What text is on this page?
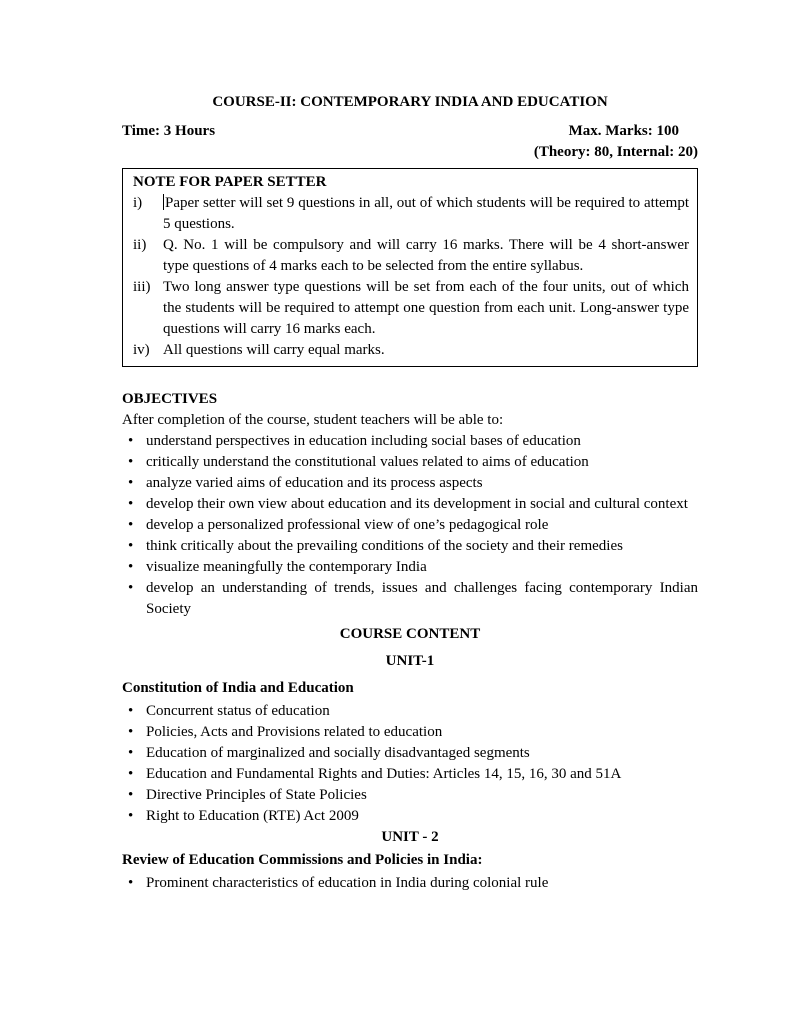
COURSE-II: CONTEMPORARY INDIA AND EDUCATION
Time: 3 Hours	Max. Marks: 100
(Theory: 80, Internal: 20)
NOTE FOR PAPER SETTER
i)	Paper setter will set 9 questions in all, out of which students will be required to attempt 5 questions.
ii)	Q. No. 1 will be compulsory and will carry 16 marks. There will be 4 short-answer type questions of 4 marks each to be selected from the entire syllabus.
iii) Two long answer type questions will be set from each of the four units, out of which the students will be required to attempt one question from each unit. Long-answer type questions will carry 16 marks each.
iv) All questions will carry equal marks.
OBJECTIVES
After completion of the course, student teachers will be able to:
• understand perspectives in education including social bases of education
• critically understand the constitutional values related to aims of education
• analyze varied aims of education and its process aspects
• develop their own view about education and its development in social and cultural context
• develop a personalized professional view of one’s pedagogical role
• think critically about the prevailing conditions of the society and their remedies
• visualize meaningfully the contemporary India
• develop an understanding of trends, issues and challenges facing contemporary Indian Society
COURSE CONTENT
UNIT-1
Constitution of India and Education
• Concurrent status of education
• Policies, Acts and Provisions related to education
• Education of marginalized and socially disadvantaged segments
• Education and Fundamental Rights and Duties: Articles 14, 15, 16, 30 and 51A
• Directive Principles of State Policies
• Right to Education (RTE) Act 2009
UNIT - 2
Review of Education Commissions and Policies in India:
• Prominent characteristics of education in India during colonial rule
